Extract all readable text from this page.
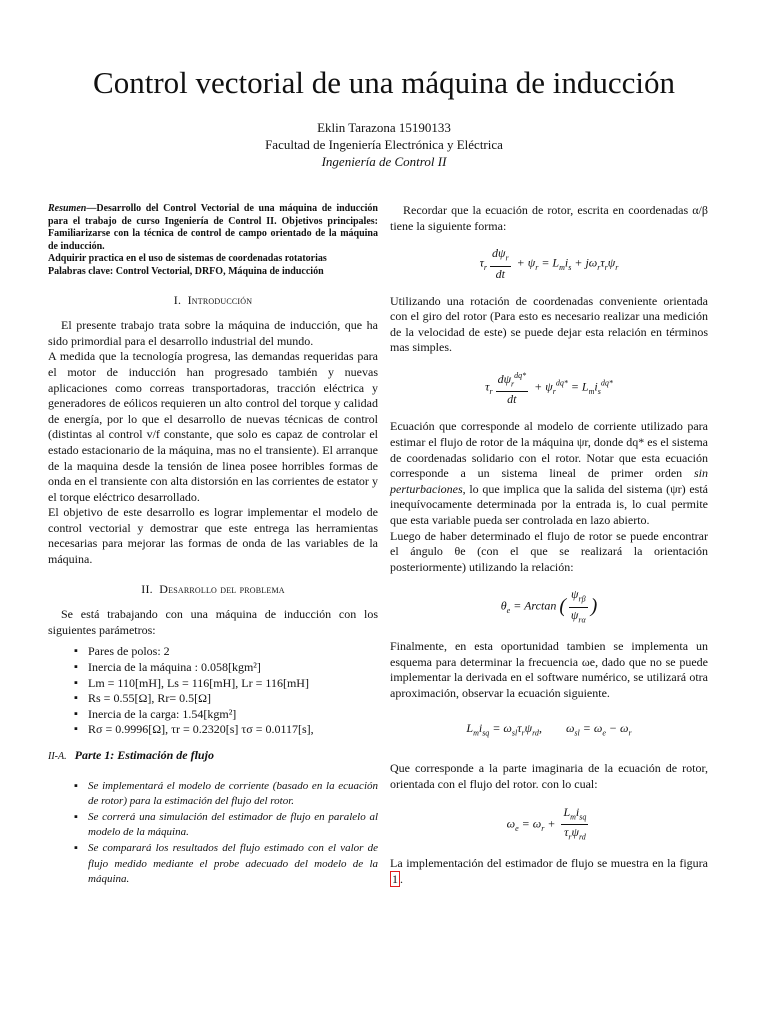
Control vectorial de una máquina de inducción
Eklin Tarazona 15190133
Facultad de Ingeniería Electrónica y Eléctrica
Ingeniería de Control II
Resumen—Desarrollo del Control Vectorial de una máquina de inducción para el trabajo de curso Ingeniería de Control II. Objetivos principales: Familiarizarse con la técnica de control de campo orientado de la máquina de inducción.
Adquirir practica en el uso de sistemas de coordenadas rotatorias
Palabras clave: Control Vectorial, DRFO, Máquina de inducción
I. Introducción

El presente trabajo trata sobre la máquina de inducción, que ha sido primordial para el desarrollo industrial del mundo.

A medida que la tecnología progresa, las demandas requeridas para el motor de inducción han progresado también y nuevas aplicaciones como correas transportadoras, tracción eléctrica y generadores de eólicos requieren un alto control del torque y calidad de energía, por lo que el desarrollo de nuevas técnicas de control (distintas al control v/f constante, que solo es capaz de controlar el estado estacionario de la máquina, mas no el transiente). El arranque de la maquina desde la tensión de linea posee horribles formas de onda en el transiente con alta distorsión en las corrientes de estator y el torque eléctrico desarrollado.

El objetivo de este desarrollo es lograr implementar el modelo de control vectorial y demostrar que este entrega las herramientas necesarias para mejorar las formas de onda de las variables de la máquina.

II. Desarrollo del problema

Se está trabajando con una máquina de inducción con los siguientes parámetros:

▪ Pares de polos: 2
▪ Inercia de la máquina : 0.058[kgm²]
▪ Lm = 110[mH], Ls = 116[mH], Lr = 116[mH]
▪ Rs = 0.55[Ω], Rr= 0.5[Ω]
▪ Inercia de la carga: 1.54[kgm²]
▪ Rσ = 0.9996[Ω], τr = 0.2320[s] τσ = 0.0117[s],
II-A. Parte 1: Estimación de flujo
▪ Se implementará el modelo de corriente (basado en la ecuación de rotor) para la estimación del flujo del rotor.
▪ Se correrá una simulación del estimador de flujo en paralelo al modelo de la máquina.
▪ Se comparará los resultados del flujo estimado con el valor de flujo medido mediante el probe adecuado del modelo de la máquina.

Recordar que la ecuación de rotor, escrita en coordenadas α/β tiene la siguiente forma:

$\tau_r \frac{d\psi_r}{dt} + \psi_r = L_mi_s + j\omega_r\tau_r\psi_r$

Utilizando una rotación de coordenadas conveniente orientada con el giro del rotor (Para esto es necesario realizar una medición de la velocidad de este) se puede dejar esta relación en términos mas simples.

$\tau_r \frac{d\psi_r^{dq*}}{dt} + \psi_r^{dq*} = L_mi_s^{dq*}$

Ecuación que corresponde al modelo de corriente utilizado para estimar el flujo de rotor de la máquina ψr, donde dq* es el sistema de coordenadas solidario con el rotor. Notar que esta ecuación corresponde a un sistema lineal de primer orden sin perturbaciones, lo que implica que la salida del sistema (ψr) está inequívocamente determinada por la entrada is, lo cual permite que esta variable pueda ser controlada en lazo abierto.

Luego de haber determinado el flujo de rotor se puede encontrar el ángulo θe (con el que se realizará la orientación posteriormente) utilizando la relación:

$\theta_e = Arctan$ ( $\frac{\psi_{r\beta}}{\psi_{r\alpha}}$ )

Finalmente, en esta oportunidad tambien se implementa un esquema para determinar la frecuencia ωe, dado que no se puede implementar la derivada en el software numérico, se utilizará otra aproximación, observar la ecuación siguiente.

$L_mi_{sq} = \omega_{sl}\tau_r\psi_{rd}$,        $\omega_{sl} = \omega_e - \omega_r$

Que corresponde a la parte imaginaria de la ecuación de rotor, orientada con el flujo del rotor. con lo cual:

$\omega_e = \omega_r + \frac{L_mi_{sq}}{\tau_r\psi_{rd}}$

La implementación del estimador de flujo se muestra en la figura 1 .
